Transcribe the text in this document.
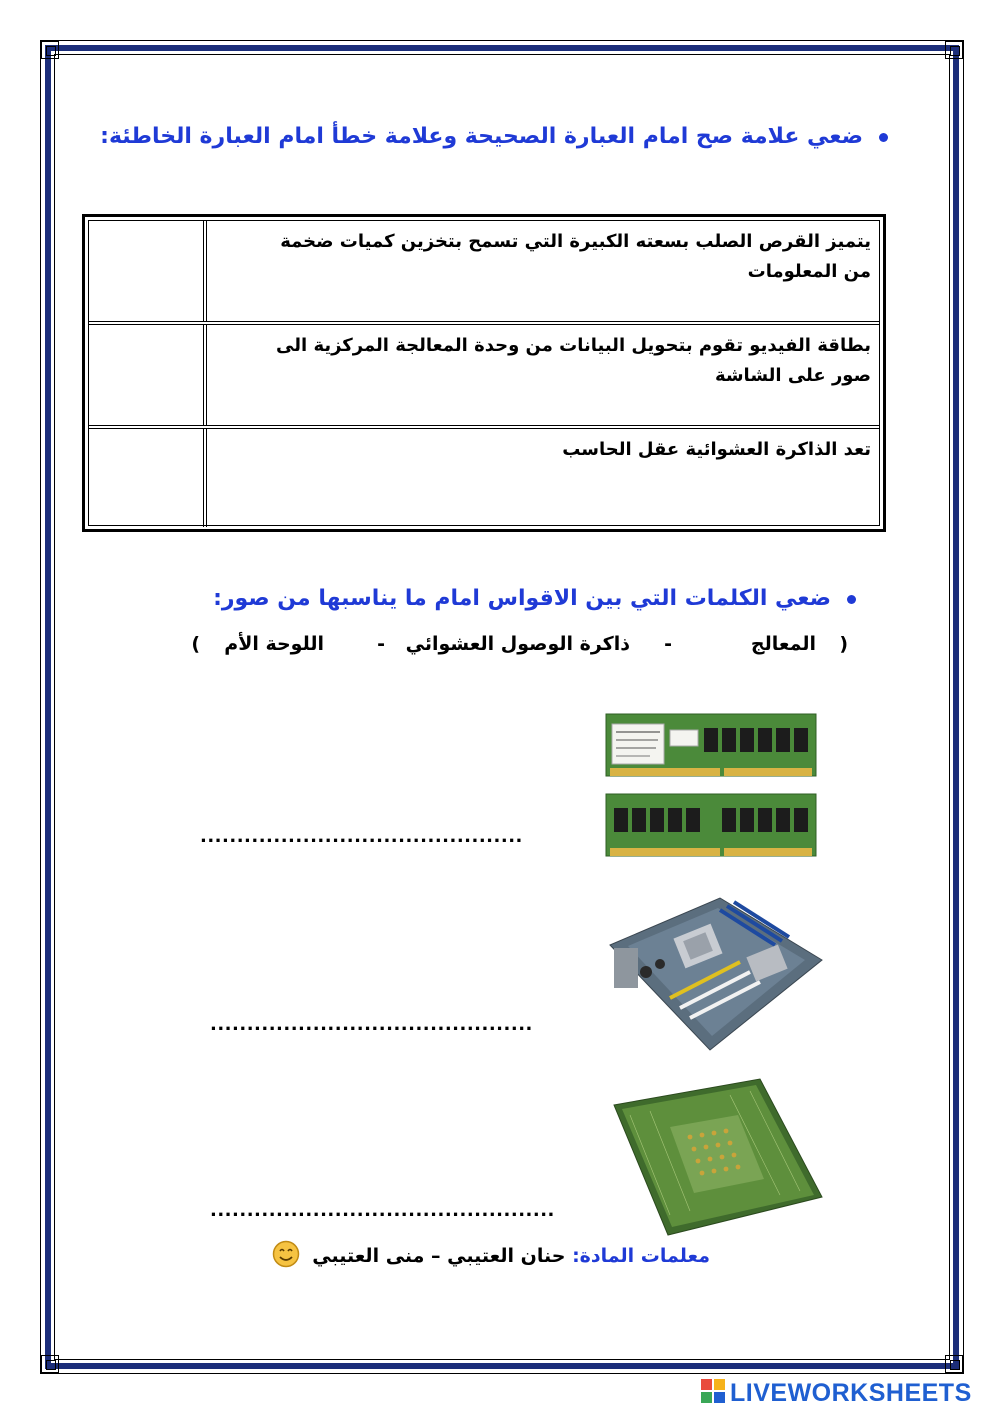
ضعي علامة صح امام العبارة الصحيحة وعلامة خطأ امام العبارة الخاطئة:
يتميز القرص الصلب بسعته الكبيرة التي تسمح بتخزين كميات ضخمة من المعلومات
بطاقة الفيديو تقوم بتحويل البيانات من وحدة المعالجة المركزية الى صور على الشاشة
تعد الذاكرة العشوائية عقل الحاسب
ضعي الكلمات التي بين الاقواس امام ما يناسبها من صور:
(
المعالج
-
ذاكرة الوصول العشوائي
-
اللوحة الأم
)
............................................
............................................
...............................................
معلمات المادة: حنان العتيبي – منى العتيبي
LIVEWORKSHEETS
